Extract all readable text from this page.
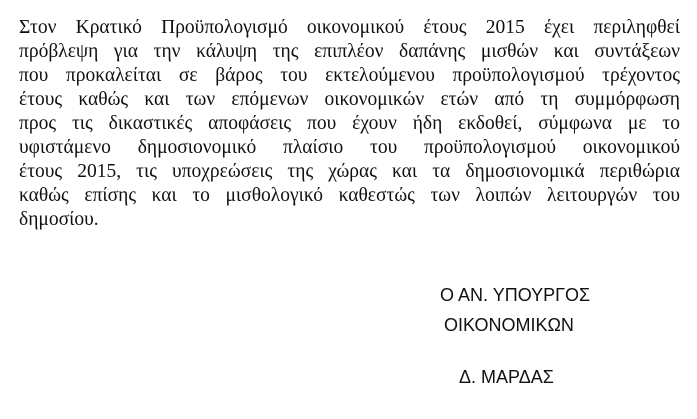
Στον Κρατικό Προϋπολογισμό οικονομικού έτους 2015 έχει περιληφθεί
πρόβλεψη για την κάλυψη της επιπλέον δαπάνης μισθών και συντάξεων
που προκαλείται σε βάρος του εκτελούμενου προϋπολογισμού τρέχοντος
έτους καθώς και των επόμενων οικονομικών ετών από τη συμμόρφωση
προς τις δικαστικές αποφάσεις που έχουν ήδη εκδοθεί, σύμφωνα με το
υφιστάμενο δημοσιονομικό πλαίσιο του προϋπολογισμού οικονομικού
έτους 2015, τις υποχρεώσεις της χώρας και τα δημοσιονομικά περιθώρια
καθώς επίσης και το μισθολογικό καθεστώς των λοιπών λειτουργών του
δημοσίου.
Ο ΑΝ. ΥΠΟΥΡΓΟΣ
ΟΙΚΟΝΟΜΙΚΩΝ
Δ. ΜΑΡΔΑΣ
